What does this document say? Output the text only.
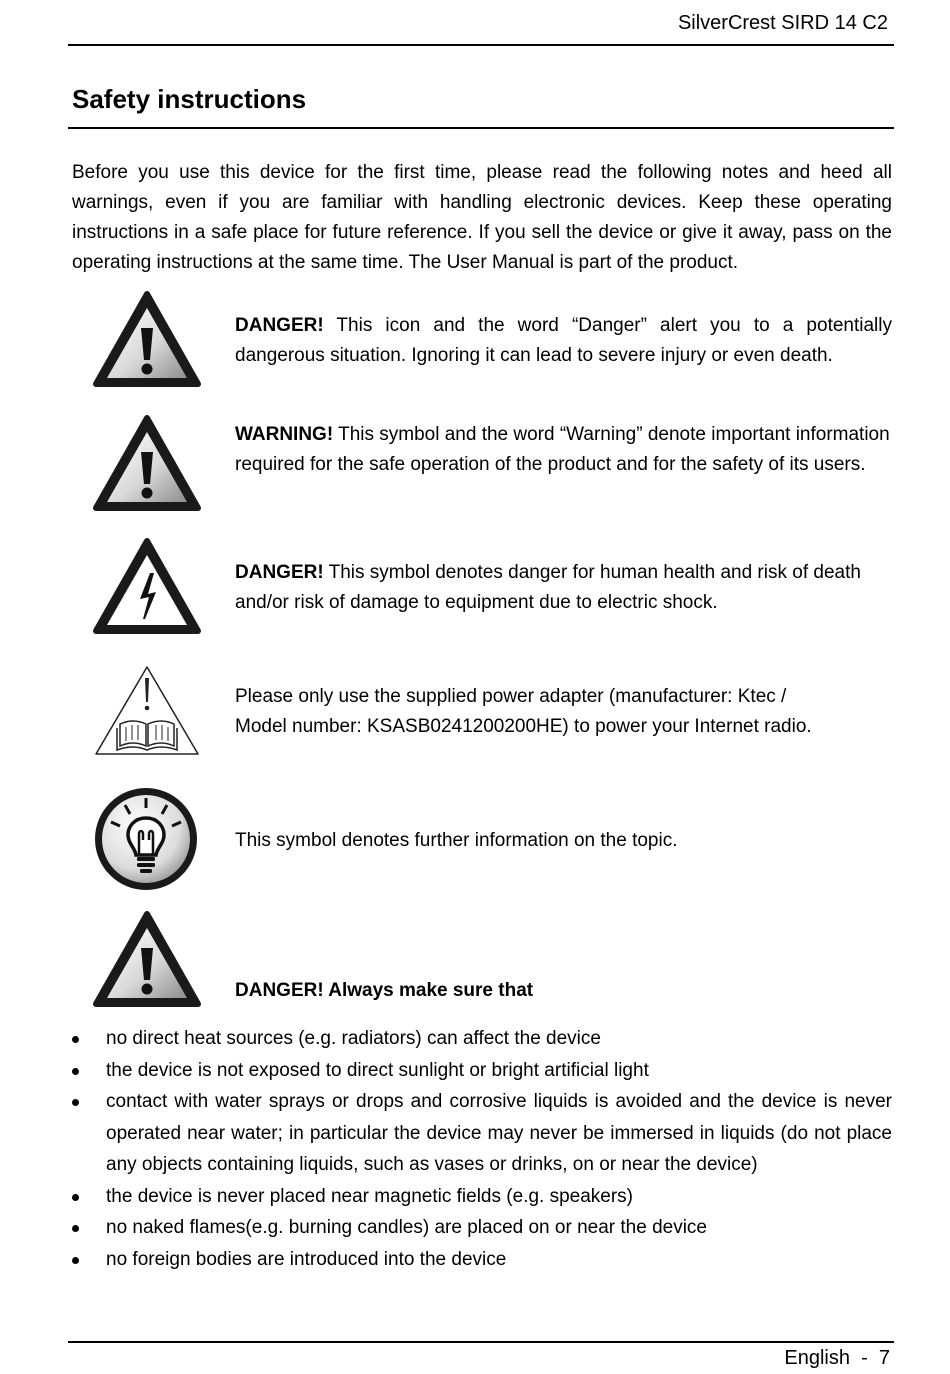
SilverCrest SIRD 14 C2
Safety instructions
Before you use this device for the first time, please read the following notes and heed all warnings, even if you are familiar with handling electronic devices. Keep these operating instructions in a safe place for future reference. If you sell the device or give it away, pass on the operating instructions at the same time. The User Manual is part of the product.
DANGER! This icon and the word “Danger” alert you to a potentially dangerous situation. Ignoring it can lead to severe injury or even death.
WARNING! This symbol and the word “Warning” denote important information required for the safe operation of the product and for the safety of its users.
DANGER! This symbol denotes danger for human health and risk of death and/or risk of damage to equipment due to electric shock.
Please only use the supplied power adapter (manufacturer: Ktec /
Model number: KSASB0241200200HE) to power your Internet radio.
This symbol denotes further information on the topic.
DANGER! Always make sure that
no direct heat sources (e.g. radiators) can affect the device
the device is not exposed to direct sunlight or bright artificial light
contact with water sprays or drops and corrosive liquids is avoided and the device is never operated near water; in particular the device may never be immersed in liquids (do not place any objects containing liquids, such as vases or drinks, on or near the device)
the device is never placed near magnetic fields (e.g. speakers)
no naked flames(e.g. burning candles) are placed on or near the device
no foreign bodies are introduced into the device
English  -  7
